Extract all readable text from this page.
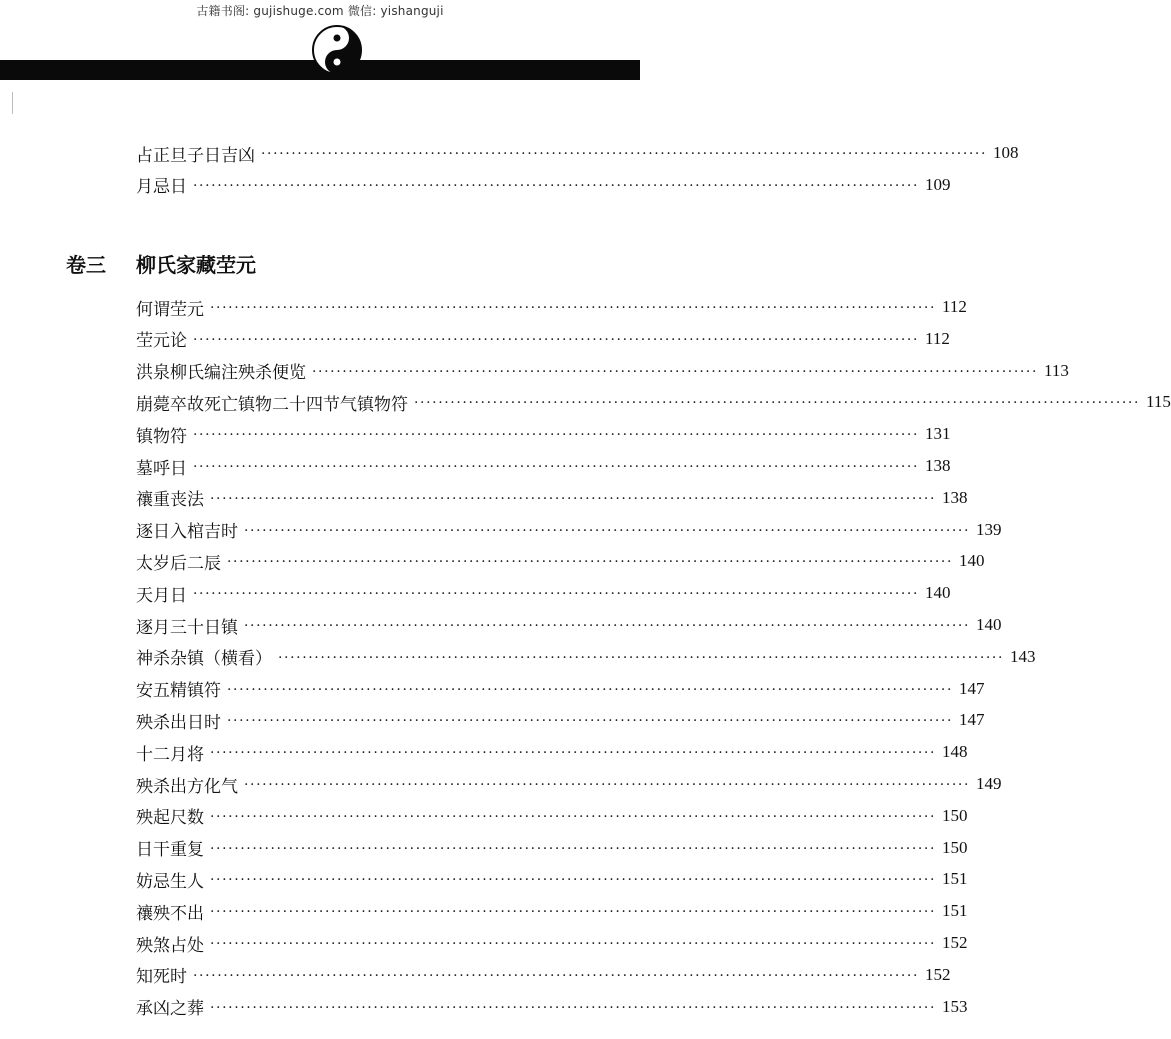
古籍书阁: gujishuge.com 微信: yishanguji
占正旦子日吉凶 ························································································································ 108
月忌日 ························································································································ 109
卷三	柳氏家藏茔元
何谓茔元 ························································································································ 112
茔元论 ························································································································ 112
洪泉柳氏编注殃杀便览 ························································································································ 113
崩薨卒故死亡镇物二十四节气镇物符 ························································································································ 115
镇物符 ························································································································ 131
墓呼日 ························································································································ 138
禳重丧法 ························································································································ 138
逐日入棺吉时 ························································································································ 139
太岁后二辰 ························································································································ 140
天月日 ························································································································ 140
逐月三十日镇 ························································································································ 140
神杀杂镇（横看） ························································································································ 143
安五精镇符 ························································································································ 147
殃杀出日时 ························································································································ 147
十二月将 ························································································································ 148
殃杀出方化气 ························································································································ 149
殃起尺数 ························································································································ 150
日干重复 ························································································································ 150
妨忌生人 ························································································································ 151
禳殃不出 ························································································································ 151
殃煞占处 ························································································································ 152
知死时 ························································································································ 152
承凶之葬 ························································································································ 153
